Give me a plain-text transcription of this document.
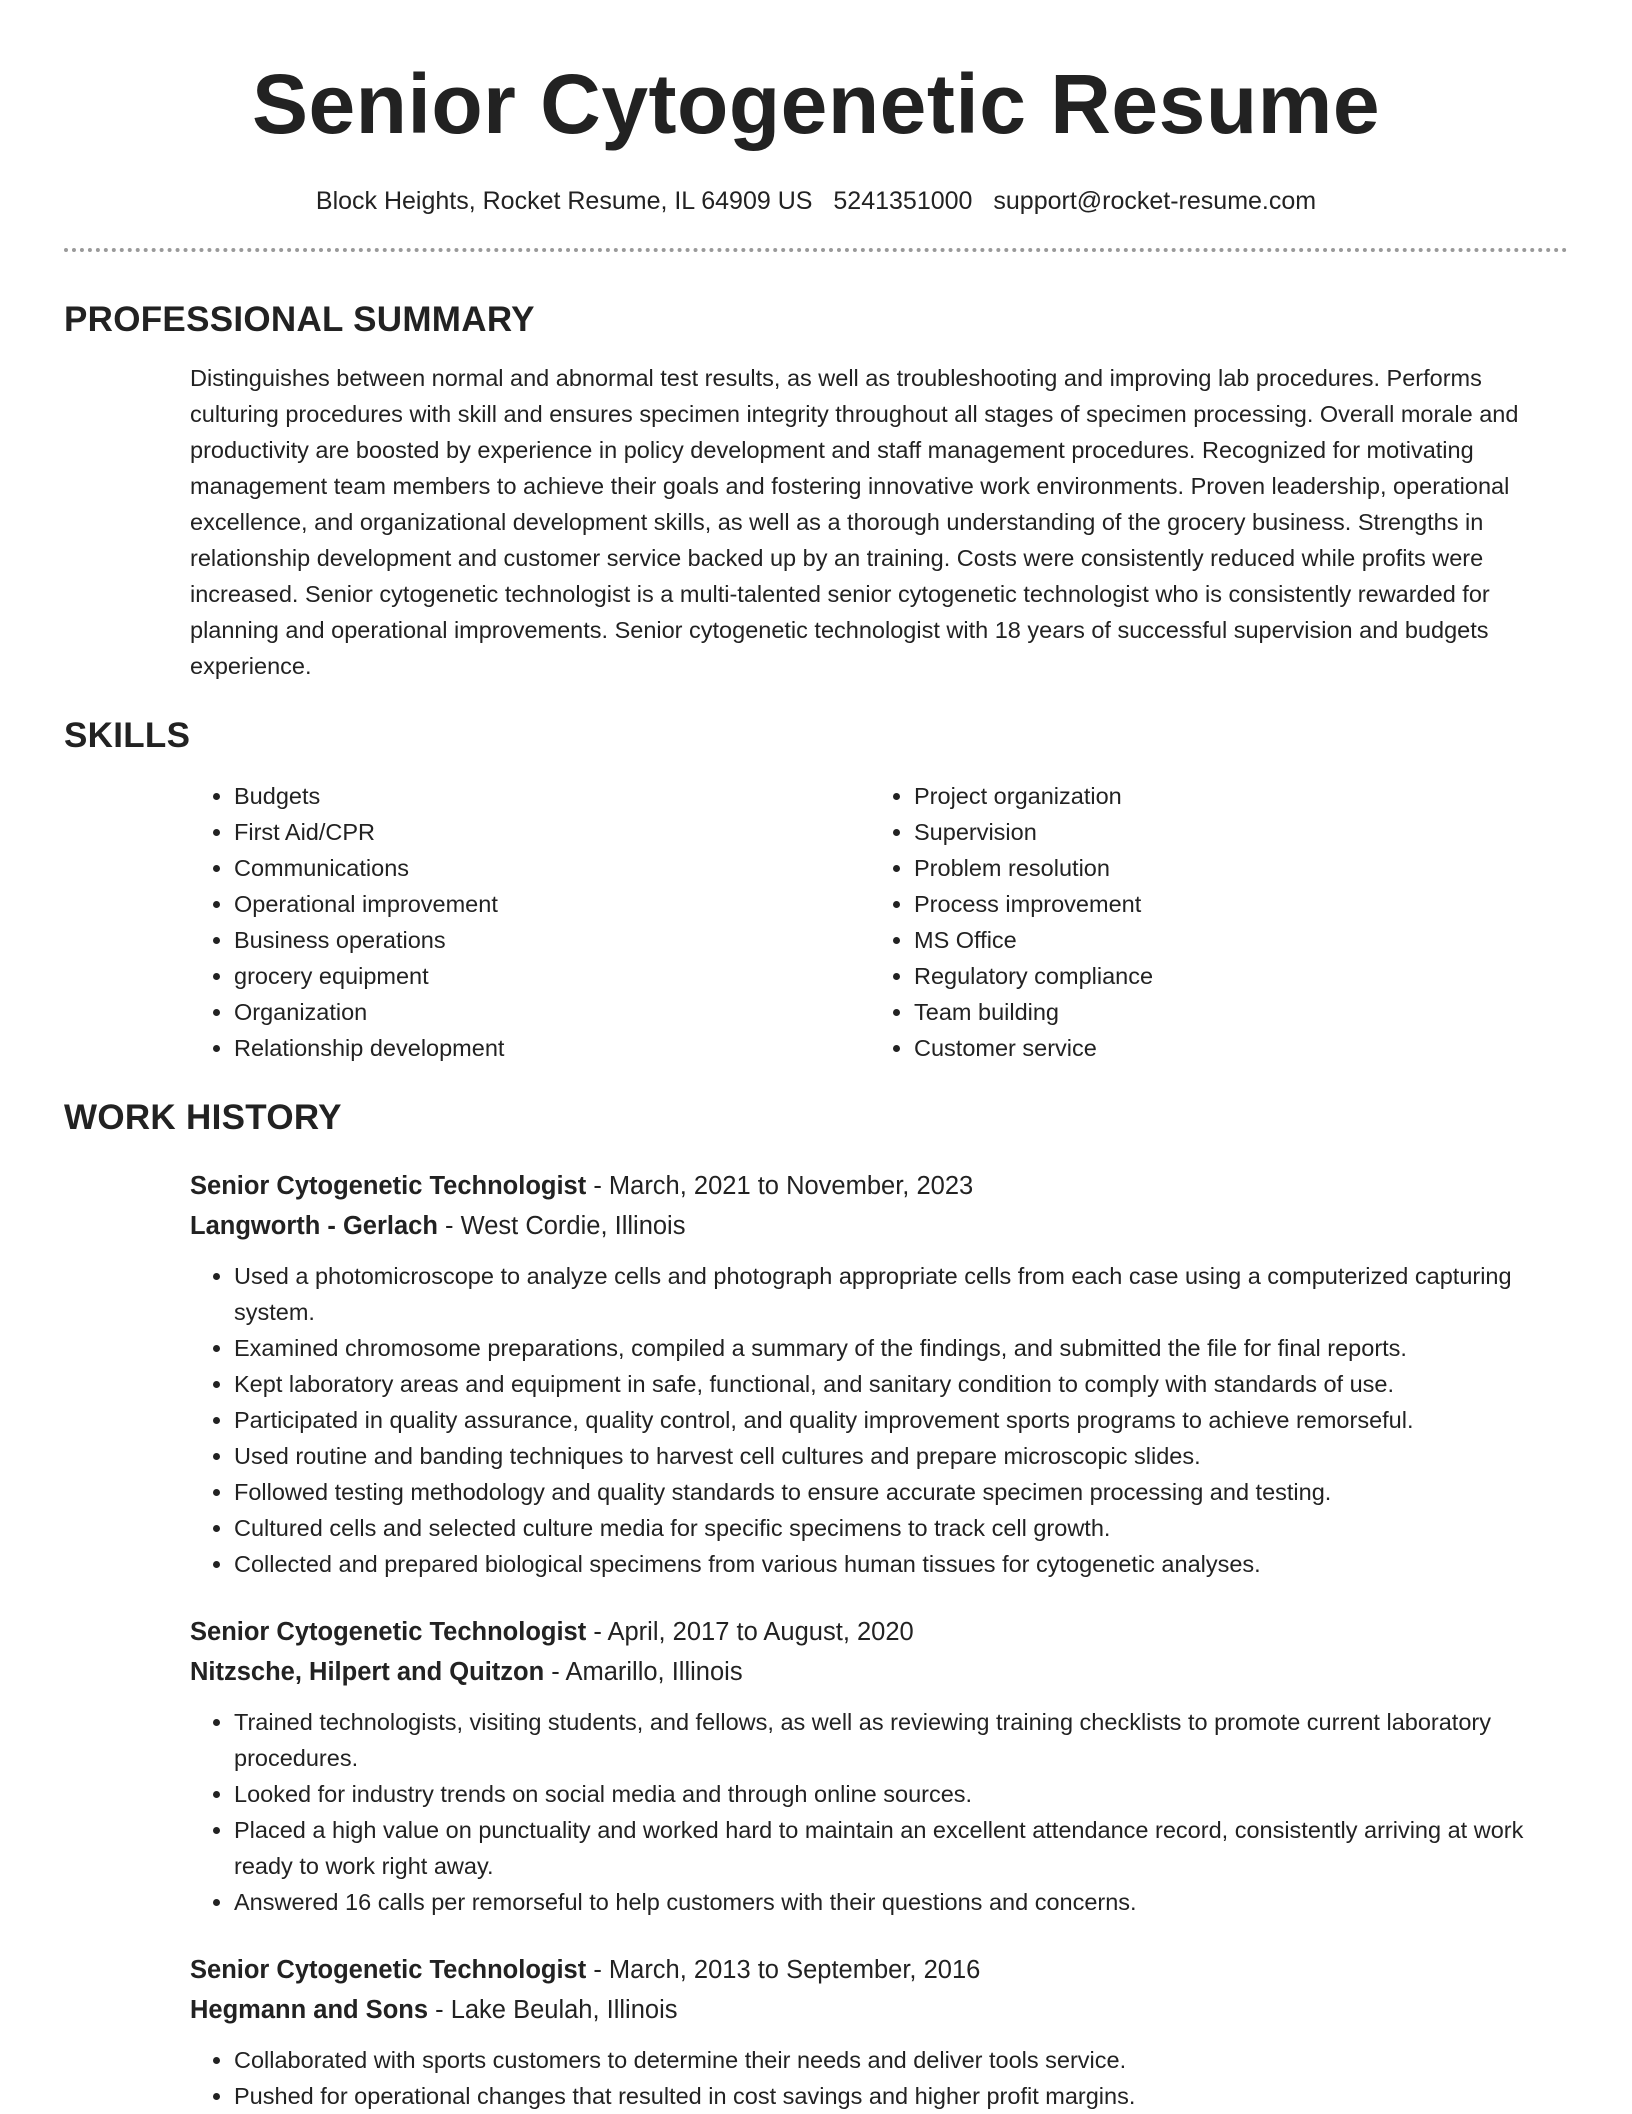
Senior Cytogenetic Resume
Block Heights, Rocket Resume, IL 64909 US 5241351000 support@rocket-resume.com
PROFESSIONAL SUMMARY

Distinguishes between normal and abnormal test results, as well as troubleshooting and improving lab procedures. Performs culturing procedures with skill and ensures specimen integrity throughout all stages of specimen processing. Overall morale and productivity are boosted by experience in policy development and staff management procedures. Recognized for motivating management team members to achieve their goals and fostering innovative work environments. Proven leadership, operational excellence, and organizational development skills, as well as a thorough understanding of the grocery business. Strengths in relationship development and customer service backed up by an training. Costs were consistently reduced while profits were increased. Senior cytogenetic technologist is a multi-talented senior cytogenetic technologist who is consistently rewarded for planning and operational improvements. Senior cytogenetic technologist with 18 years of successful supervision and budgets experience.

SKILLS
• Budgets
• First Aid/CPR
• Communications
• Operational improvement
• Business operations
• grocery equipment
• Organization
• Relationship development
• Project organization
• Supervision
• Problem resolution
• Process improvement
• MS Office
• Regulatory compliance
• Team building
• Customer service
WORK HISTORY
Senior Cytogenetic Technologist - March, 2021 to November, 2023
Langworth - Gerlach - West Cordie, Illinois
• Used a photomicroscope to analyze cells and photograph appropriate cells from each case using a computerized capturing system.
• Examined chromosome preparations, compiled a summary of the findings, and submitted the file for final reports.
• Kept laboratory areas and equipment in safe, functional, and sanitary condition to comply with standards of use.
• Participated in quality assurance, quality control, and quality improvement sports programs to achieve remorseful.
• Used routine and banding techniques to harvest cell cultures and prepare microscopic slides.
• Followed testing methodology and quality standards to ensure accurate specimen processing and testing.
• Cultured cells and selected culture media for specific specimens to track cell growth.
• Collected and prepared biological specimens from various human tissues for cytogenetic analyses.
Senior Cytogenetic Technologist - April, 2017 to August, 2020
Nitzsche, Hilpert and Quitzon - Amarillo, Illinois
• Trained technologists, visiting students, and fellows, as well as reviewing training checklists to promote current laboratory procedures.
• Looked for industry trends on social media and through online sources.
• Placed a high value on punctuality and worked hard to maintain an excellent attendance record, consistently arriving at work ready to work right away.
• Answered 16 calls per remorseful to help customers with their questions and concerns.
Senior Cytogenetic Technologist - March, 2013 to September, 2016
Hegmann and Sons - Lake Beulah, Illinois
• Collaborated with sports customers to determine their needs and deliver tools service.
• Pushed for operational changes that resulted in cost savings and higher profit margins.
